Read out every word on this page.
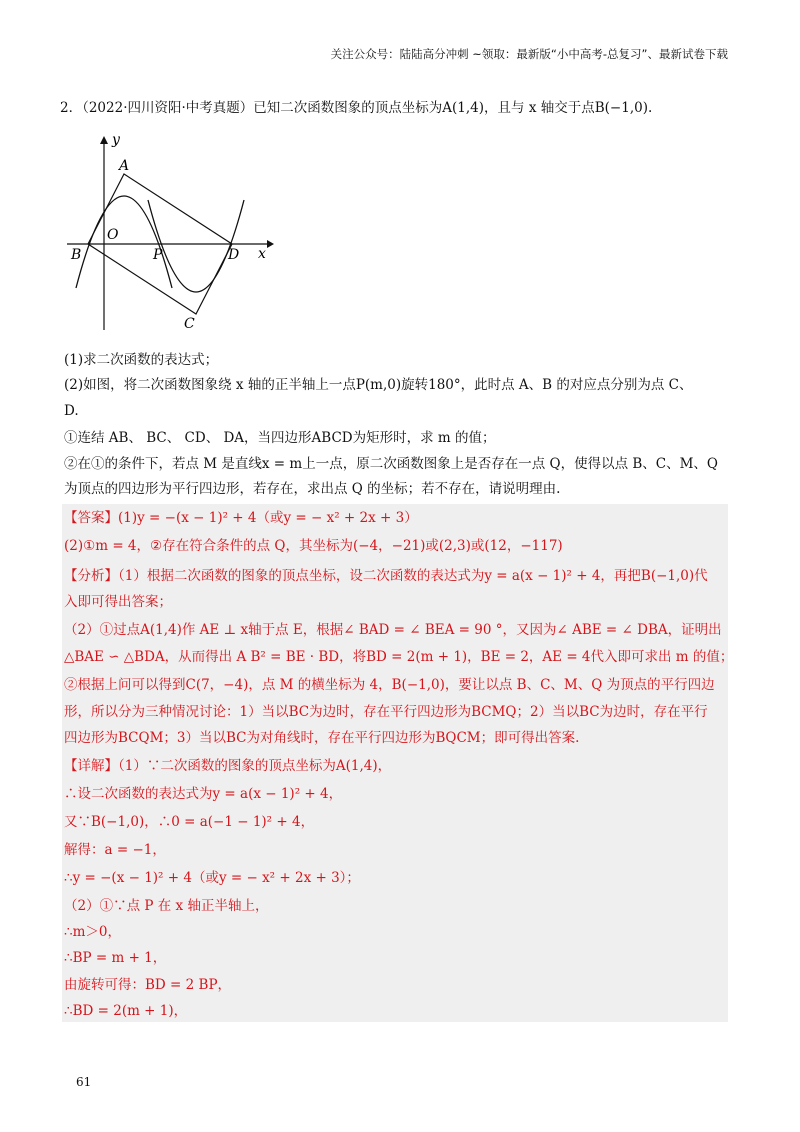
关注公众号：陆陆高分冲刺 ~领取：最新版“小中高考-总复习”、最新试卷下载
2．（2022·四川资阳·中考真题）已知二次函数图象的顶点坐标为A(1,4)，且与 x 轴交于点B(−1,0).
y
x
A
O
B	P	D
C
(1)求二次函数的表达式；
(2)如图，将二次函数图象绕 x 轴的正半轴上一点P(m,0)旋转180°，此时点 A、B 的对应点分别为点 C、
D.
①连结 AB、 BC、 CD、 DA，当四边形ABCD为矩形时，求 m 的值；
②在①的条件下，若点 M 是直线x = m上一点，原二次函数图象上是否存在一点 Q，使得以点 B、C、M、Q
为顶点的四边形为平行四边形，若存在，求出点 Q 的坐标；若不存在，请说明理由.
【答案】(1)y = −(x − 1)² + 4（或y = − x² + 2x + 3）
(2)①m = 4，②存在符合条件的点 Q，其坐标为(−4，−21)或(2,3)或(12，−117)
【分析】（1）根据二次函数的图象的顶点坐标，设二次函数的表达式为y = a(x − 1)² + 4，再把B(−1,0)代
入即可得出答案；
（2）①过点A(1,4)作 AE ⊥ x轴于点 E，根据∠ BAD = ∠ BEA = 90 °，又因为∠ ABE = ∠ DBA，证明出
△BAE ∽ △BDA，从而得出 A B² = BE · BD，将BD = 2(m + 1)，BE = 2，AE = 4代入即可求出 m 的值；
②根据上问可以得到C(7，−4)，点 M 的横坐标为 4，B(−1,0)，要让以点 B、C、M、Q 为顶点的平行四边
形，所以分为三种情况讨论：1）当以BC为边时，存在平行四边形为BCMQ；2）当以BC为边时，存在平行
四边形为BCQM；3）当以BC为对角线时，存在平行四边形为BQCM；即可得出答案.
【详解】（1）∵二次函数的图象的顶点坐标为A(1,4)，
∴设二次函数的表达式为y = a(x − 1)² + 4，
又∵B(−1,0)，∴0 = a(−1 − 1)² + 4，
解得：a = −1，
∴y = −(x − 1)² + 4（或y = − x² + 2x + 3）；
（2）①∵点 P 在 x 轴正半轴上，
∴m＞0，
∴BP = m + 1，
由旋转可得：BD = 2 BP，
∴BD = 2(m + 1)，
61
